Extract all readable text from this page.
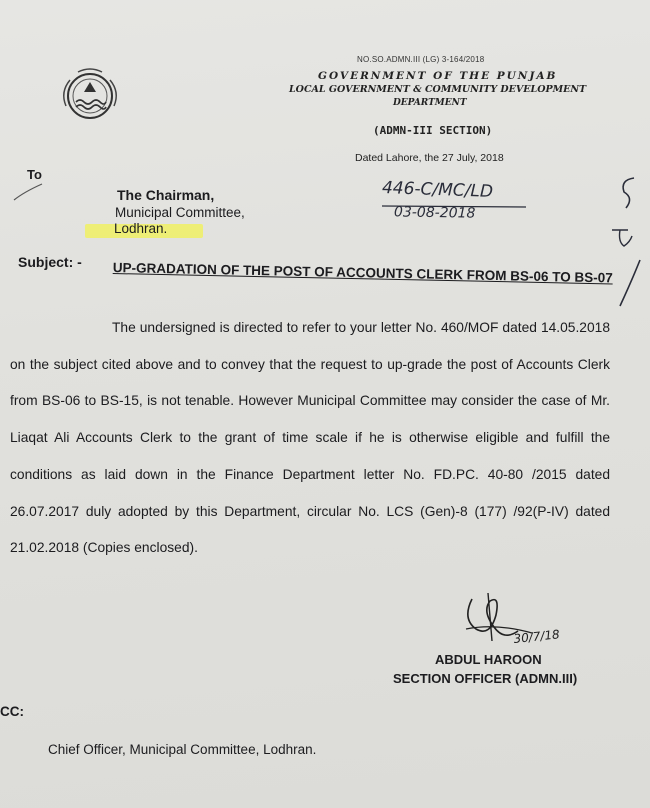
NO.SO.ADMN.III (LG) 3-164/2018
GOVERNMENT OF THE PUNJAB
LOCAL GOVERNMENT & COMMUNITY DEVELOPMENT
DEPARTMENT
(ADMN-III SECTION)
Dated Lahore, the 27 July, 2018
To
The Chairman,
Municipal Committee,
Lodhran.
446-C/MC/LD
03-08-2018
Subject: - UP-GRADATION OF THE POST OF ACCOUNTS CLERK FROM BS-06 TO BS-07
The undersigned is directed to refer to your letter No. 460/MOF dated 14.05.2018 on the subject cited above and to convey that the request to up-grade the post of Accounts Clerk from BS-06 to BS-15, is not tenable. However Municipal Committee may consider the case of Mr. Liaqat Ali Accounts Clerk to the grant of time scale if he is otherwise eligible and fulfill the conditions as laid down in the Finance Department letter No. FD.PC. 40-80 /2015 dated 26.07.2017 duly adopted by this Department, circular No. LCS (Gen)-8 (177) /92(P-IV) dated 21.02.2018 (Copies enclosed).
30/7/18
ABDUL HAROON
SECTION OFFICER (ADMN.III)
CC:
Chief Officer, Municipal Committee, Lodhran.
